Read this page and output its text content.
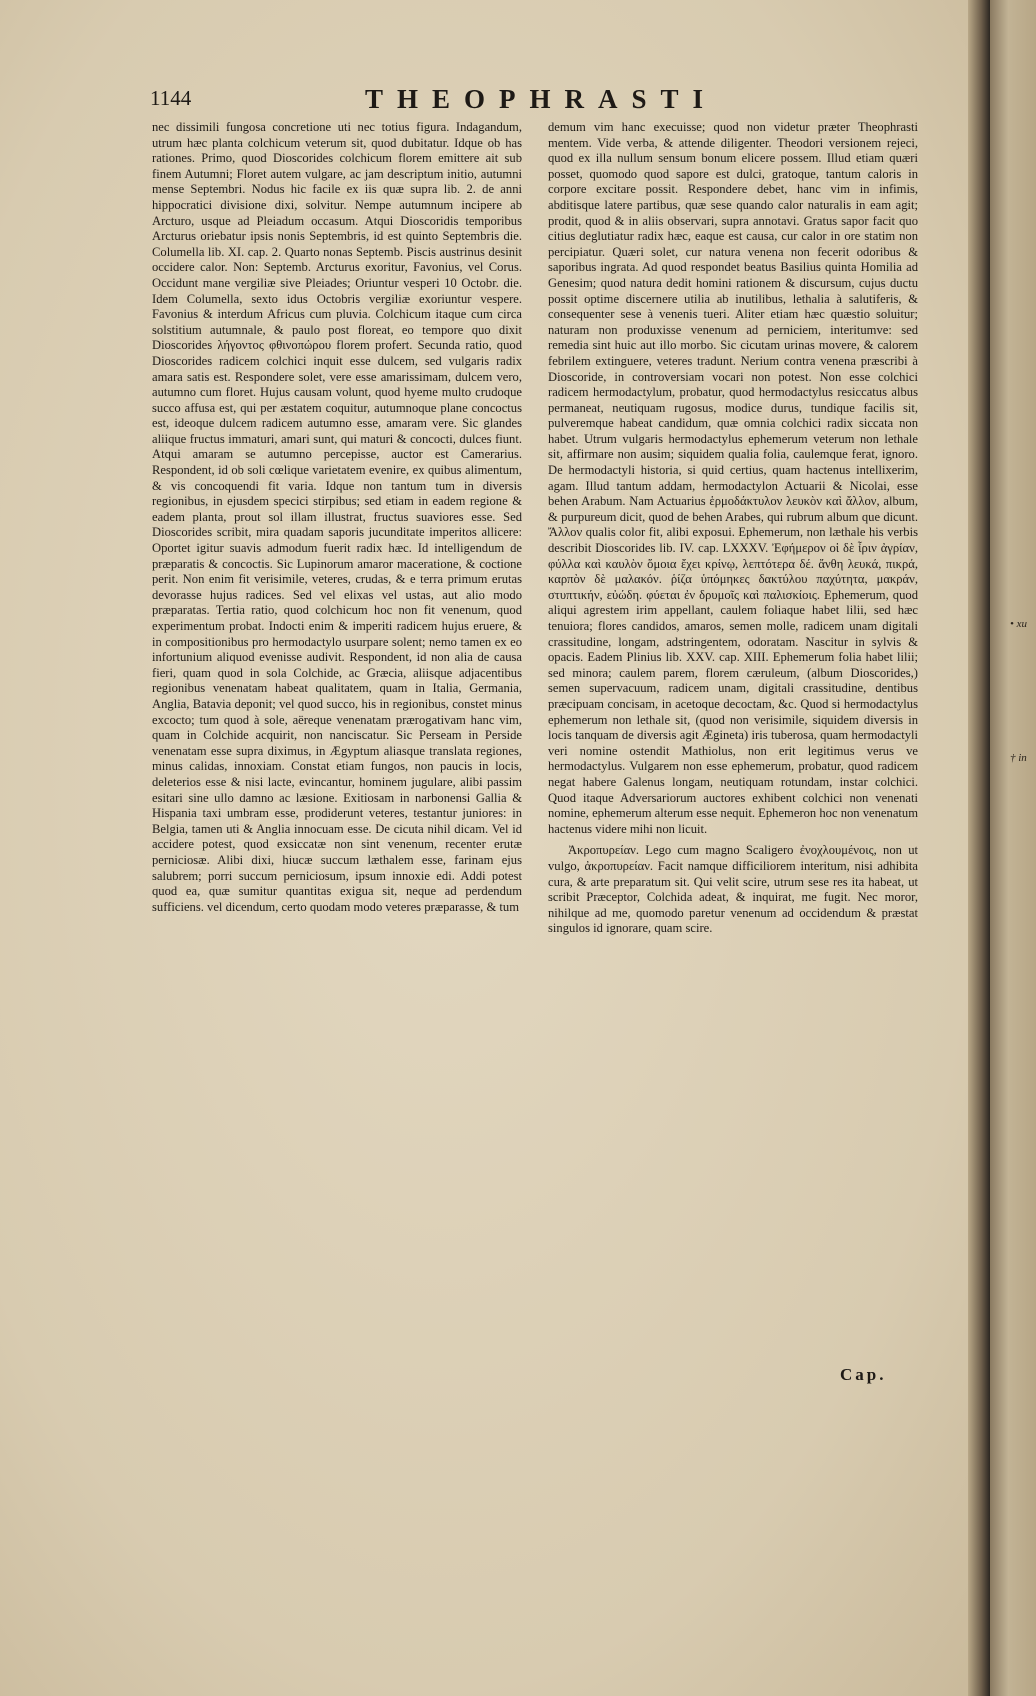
1144	THEOPHRASTI

nec dissimili fungosa concretione uti nec totius figura. Indagandum, utrum hæc planta colchicum veterum sit, quod dubitatur. Idque ob has rationes. Primo, quod Dioscorides colchicum florem emittere ait sub finem Autumni; Floret autem vulgare, ac jam descriptum initio, autumni mense Septembri. Nodus hic facile ex iis quæ supra lib. 2. de anni hippocratici divisione dixi, solvitur. Nempe autumnum incipere ab Arcturo, usque ad Pleiadum occasum. Atqui Dioscoridis temporibus Arcturus oriebatur ipsis nonis Septembris, id est quinto Septembris die. Columella lib. XI. cap. 2. Quarto nonas Septemb. Piscis austrinus desinit occidere calor. Non: Septemb. Arcturus exoritur, Favonius, vel Corus. Occidunt mane vergiliæ sive Pleiades; Oriuntur vesperi 10 Octobr. die. Idem Columella, sexto idus Octobris vergiliæ exoriuntur vespere. Favonius & interdum Africus cum pluvia. Colchicum itaque cum circa solstitium autumnale, & paulo post floreat, eo tempore quo dixit Dioscorides λήγοντος φθινοπώρου florem profert. Secunda ratio, quod Dioscorides radicem colchici inquit esse dulcem, sed vulgaris radix amara satis est. Respondere solet, vere esse amarissimam, dulcem vero, autumno cum floret. Hujus causam volunt, quod hyeme multo crudoque succo affusa est, qui per æstatem coquitur, autumnoque plane concoctus est, ideoque dulcem radicem autumno esse, amaram vere. Sic glandes aliique fructus immaturi, amari sunt, qui maturi & concocti, dulces fiunt. Atqui amaram se autumno percepisse, auctor est Camerarius. Respondent, id ob soli cœlique varietatem evenire, ex quibus alimentum, & vis concoquendi fit varia. Idque non tantum tum in diversis regionibus, in ejusdem specici stirpibus; sed etiam in eadem regione & eadem planta, prout sol illam illustrat, fructus suaviores esse. Sed Dioscorides scribit, mira quadam saporis jucunditate imperitos allicere: Oportet igitur suavis admodum fuerit radix hæc. Id intelligendum de præparatis & concoctis. Sic Lupinorum amaror maceratione, & coctione perit. Non enim fit verisimile, veteres, crudas, & e terra primum erutas devorasse hujus radices. Sed vel elixas vel ustas, aut alio modo præparatas. Tertia ratio, quod colchicum hoc non fit venenum, quod experimentum probat. Indocti enim & imperiti radicem hujus eruere, & in compositionibus pro hermodactylo usurpare solent; nemo tamen ex eo infortunium aliquod evenisse audivit. Respondent, id non alia de causa fieri, quam quod in sola Colchide, ac Græcia, aliisque adjacentibus regionibus venenatam habeat qualitatem, quam in Italia, Germania, Anglia, Batavia deponit; vel quod succo, his in regionibus, constet minus excocto; tum quod à sole, aëreque venenatam prærogativam hanc vim, quam in Colchide acquirit, non nanciscatur. Sic Perseam in Perside venenatam esse supra diximus, in Ægyptum aliasque translata regiones, minus calidas, innoxiam. Constat etiam fungos, non paucis in locis, deleterios esse & nisi lacte, evincantur, hominem jugulare, alibi passim esitari sine ullo damno ac læsione. Exitiosam in narbonensi Gallia & Hispania taxi umbram esse, prodiderunt veteres, testantur juniores: in Belgia, tamen uti & Anglia innocuam esse. De cicuta nihil dicam. Vel id accidere potest, quod exsiccatæ non sint venenum, recenter erutæ perniciosæ. Alibi dixi, hiucæ succum læthalem esse, farinam ejus salubrem; porri succum perniciosum, ipsum innoxie edi. Addi potest quod ea, quæ sumitur quantitas exigua sit, neque ad perdendum sufficiens. vel dicendum, certo quodam modo veteres præparasse, & tum

demum vim hanc execuisse; quod non videtur præter Theophrasti mentem. Vide verba, & attende diligenter. Theodori versionem rejeci, quod ex illa nullum sensum bonum elicere possem. Illud etiam quæri posset, quomodo quod sapore est dulci, gratoque, tantum caloris in corpore excitare possit. Respondere debet, hanc vim in infimis, abditisque latere partibus, quæ sese quando calor naturalis in eam agit; prodit, quod & in aliis observari, supra annotavi. Gratus sapor facit quo citius deglutiatur radix hæc, eaque est causa, cur calor in ore statim non percipiatur. Quæri solet, cur natura venena non fecerit odoribus & saporibus ingrata. Ad quod respondet beatus Basilius quinta Homilia ad Genesim; quod natura dedit homini rationem & discursum, cujus ductu possit optime discernere utilia ab inutilibus, lethalia à salutiferis, & consequenter sese à venenis tueri. Aliter etiam hæc quæstio soluitur; naturam non produxisse venenum ad perniciem, interitumve: sed remedia sint huic aut illo morbo. Sic cicutam urinas movere, & calorem febrilem extinguere, veteres tradunt. Nerium contra venena præscribi à Dioscoride, in controversiam vocari non potest. Non esse colchici radicem hermodactylum, probatur, quod hermodactylus resiccatus albus permaneat, neutiquam rugosus, modice durus, tundique facilis sit, pulveremque habeat candidum, quæ omnia colchici radix siccata non habet. Utrum vulgaris hermodactylus ephemerum veterum non lethale sit, affirmare non ausim; siquidem qualia folia, caulemque ferat, ignoro. De hermodactyli historia, si quid certius, quam hactenus intellixerim, agam. Illud tantum addam, hermodactylon Actuarii & Nicolai, esse behen Arabum. Nam Actuarius ἑρμοδάκτυλον λευκὸν καὶ ἄλλον, album, & purpureum dicit, quod de behen Arabes, qui rubrum album que dicunt. Ἄλλον qualis color fit, alibi exposui. Ephemerum, non læthale his verbis describit Dioscorides lib. IV. cap. LXXXV. Ἐφήμερον οἱ δὲ ἶριν ἀγρίαν, φύλλα καὶ καυλὸν ὅμοια ἔχει κρίνῳ, λεπτότερα δέ. ἄνθη λευκά, πικρά, καρπὸν δὲ μαλακόν. ῥίζα ὑπόμηκες δακτύλου παχύτητα, μακράν, στυπτικήν, εὐώδη. φύεται ἐν δρυμοῖς καὶ παλισκίοις. Ephemerum, quod aliqui agrestem irim appellant, caulem foliaque habet lilii, sed hæc tenuiora; flores candidos, amaros, semen molle, radicem unam digitali crassitudine, longam, adstringentem, odoratam. Nascitur in sylvis & opacis. Eadem Plinius lib. XXV. cap. XIII. Ephemerum folia habet lilii; sed minora; caulem parem, florem cæruleum, (album Dioscorides,) semen supervacuum, radicem unam, digitali crassitudine, dentibus præcipuam concisam, in acetoque decoctam, &c. Quod si hermodactylus ephemerum non lethale sit, (quod non verisimile, siquidem diversis in locis tanquam de diversis agit Ægineta) iris tuberosa, quam hermodactyli veri nomine ostendit Mathiolus, non erit legitimus verus ve hermodactylus. Vulgarem non esse ephemerum, probatur, quod radicem negat habere Galenus longam, neutiquam rotundam, instar colchici. Quod itaque Adversariorum auctores exhibent colchici non venenati nomine, ephemerum alterum esse nequit. Ephemeron hoc non venenatum hactenus videre mihi non licuit.

Ἀκροπυρείαν. Lego cum magno Scaligero ἐνοχλουμένοις, non ut vulgo, ἀκροπυρείαν. Facit namque difficiliorem interitum, nisi adhibita cura, & arte preparatum sit. Qui velit scire, utrum sese res ita habeat, ut scribit Præceptor, Colchida adeat, & inquirat, me fugit. Nec moror, nihilque ad me, quomodo paretur venenum ad occidendum & præstat singulos id ignorare, quam scire.

Cap.
• xu
† in
